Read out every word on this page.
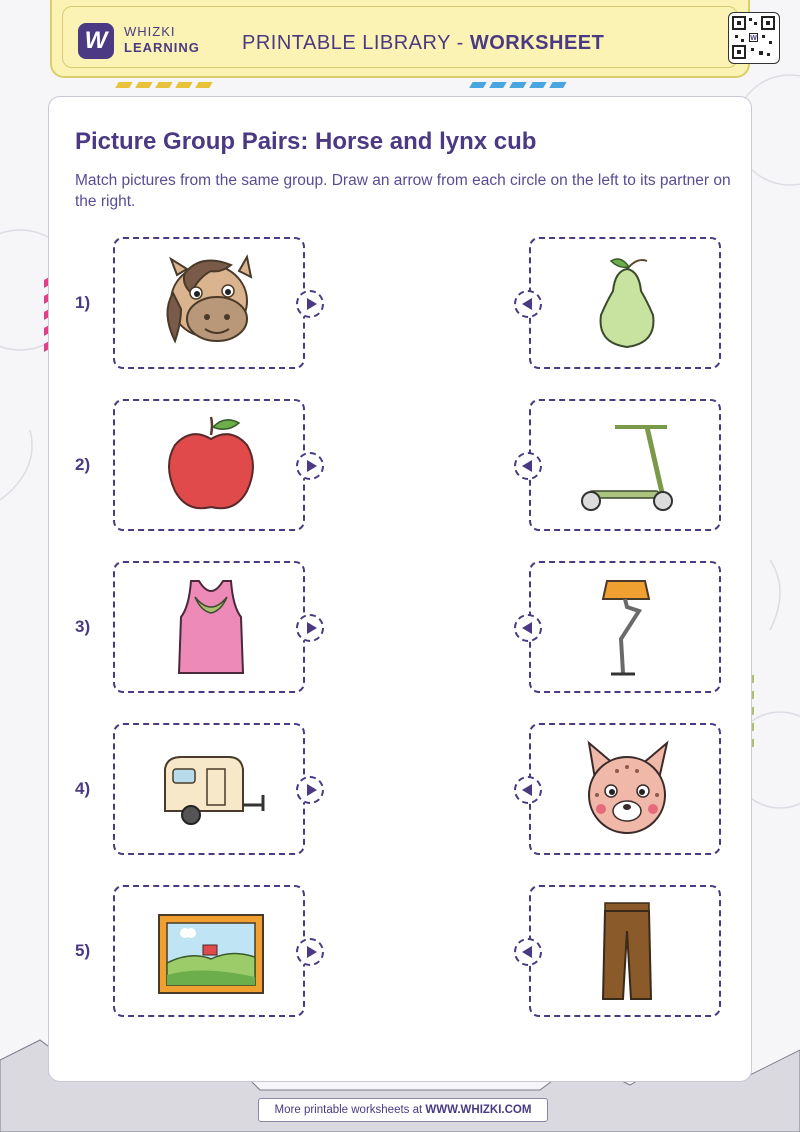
W	WHIZKI
LEARNING PRINTABLE LIBRARY - WORKSHEET	W
Picture Group Pairs: Horse and lynx cub
Match pictures from the same group. Draw an arrow from each circle on the left to its partner on the right.
1)
2)
3)
4)
5)
More printable worksheets at WWW.WHIZKI.COM
